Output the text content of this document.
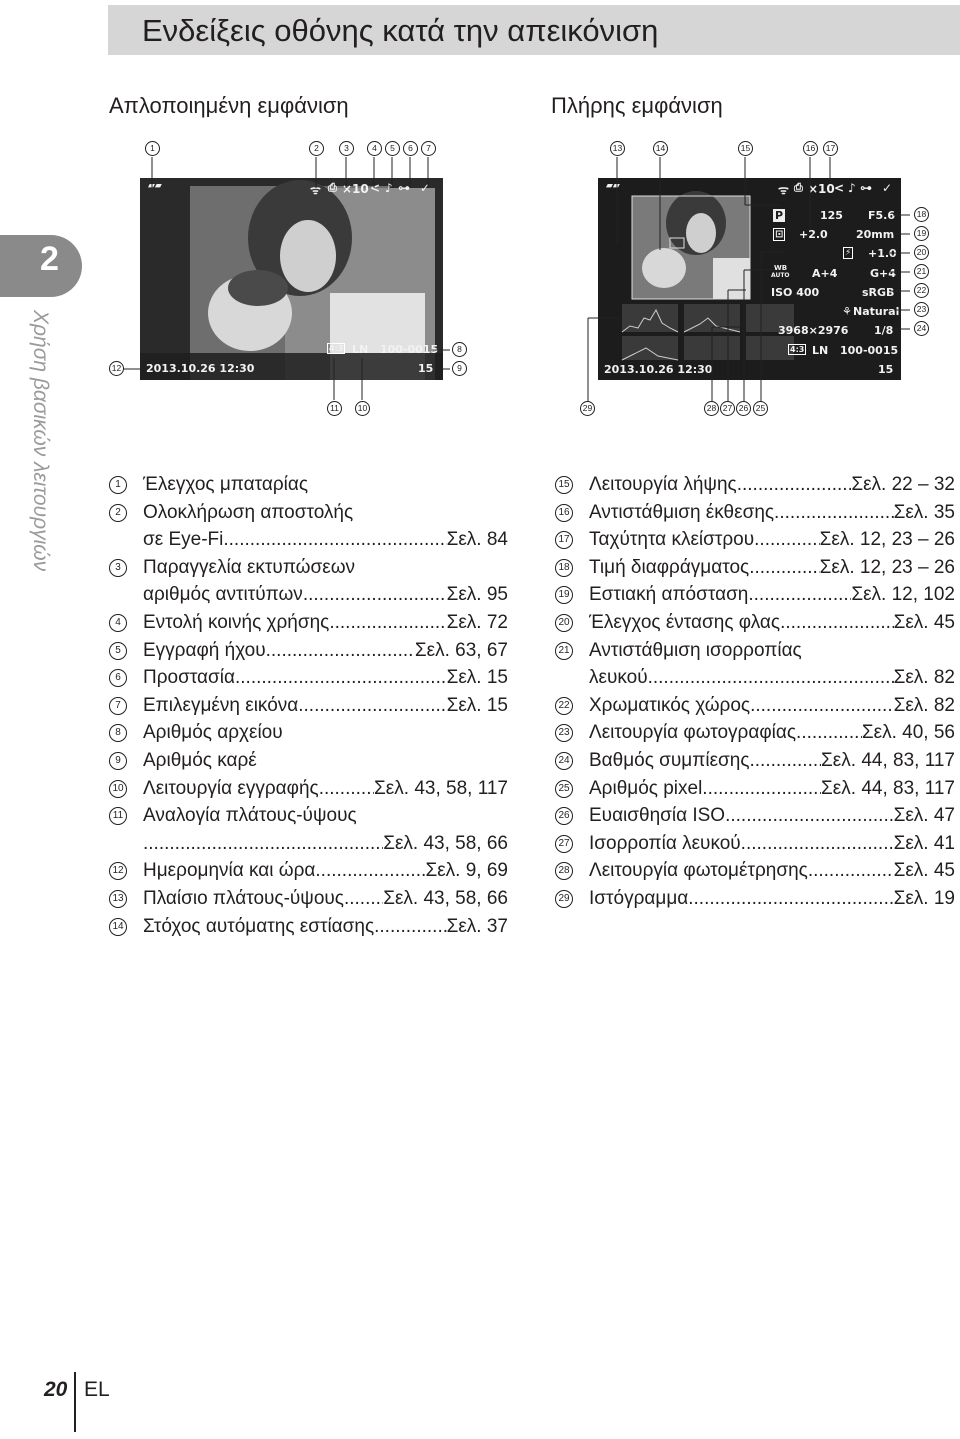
Ενδείξεις οθόνης κατά την απεικόνιση
2
Χρήση βασικών λειτουργιών
Απλοποιημένη εμφάνιση	Πλήρης εμφάνιση
▰▰	ᯤ ⎙ ×10 < ♪ ⊶ ✓
4:3 LN 100-0015
15
2013.10.26 12:30
1	2	3	4	5	6	7
8
9
11	10
12
▰▰	ᯤ ⎙ ×10 < ♪ ⊶ ✓
P	125 F5.6
⊡ +2.0	20mm
⚡ +1.0
WB
AUTO A+4	G+4
ISO 400	sRGB
⚘ Natural
3968×2976 1/8
4:3 LN 100-0015
15
2013.10.26 12:30
13	14	15	16	17
18
19
20
21
22
23
24
29	28 27 26 25
1	Έλεγχος μπαταρίας
2	Ολοκλήρωση αποστολής
σε Eye-Fi .....	Σελ. 84
3	Παραγγελία εκτυπώσεων
αριθμός αντιτύπων .....	Σελ. 95
4	Εντολή κοινής χρήσης .....	Σελ. 72
5	Εγγραφή ήχου .....	Σελ. 63, 67
6	Προστασία .....	Σελ. 15
7	Επιλεγμένη εικόνα .....	Σελ. 15
8	Αριθμός αρχείου
9	Αριθμός καρέ
10 Λειτουργία εγγραφής .....	Σελ. 43, 58, 117
11 Αναλογία πλάτους-ύψους
.....
Σελ. 43, 58, 66
12 Ημερομηνία και ώρα .....	Σελ. 9, 69
13 Πλαίσιο πλάτους-ύψους ..... Σελ. 43, 58, 66
14 Στόχος αυτόματης εστίασης .....	Σελ. 37
15 Λειτουργία λήψης .....	Σελ. 22 – 32
16 Αντιστάθμιση έκθεσης .....	Σελ. 35
17 Ταχύτητα κλείστρου .....	Σελ. 12, 23 – 26
18 Τιμή διαφράγματος .....	Σελ. 12, 23 – 26
19 Εστιακή απόσταση .....	Σελ. 12, 102
20 Έλεγχος έντασης φλας .....	Σελ. 45
21 Αντιστάθμιση ισορροπίας
λευκού .....	Σελ. 82
22 Χρωματικός χώρος .....	Σελ. 82
23 Λειτουργία φωτογραφίας .....	Σελ. 40, 56
24 Βαθμός συμπίεσης .....	Σελ. 44, 83, 117
25 Αριθμός pixel .....	Σελ. 44, 83, 117
26 Ευαισθησία ISO .....	Σελ. 47
27 Ισορροπία λευκού .....	Σελ. 41
28 Λειτουργία φωτομέτρησης .....	Σελ. 45
29 Ιστόγραμμα .....	Σελ. 19
20 EL
